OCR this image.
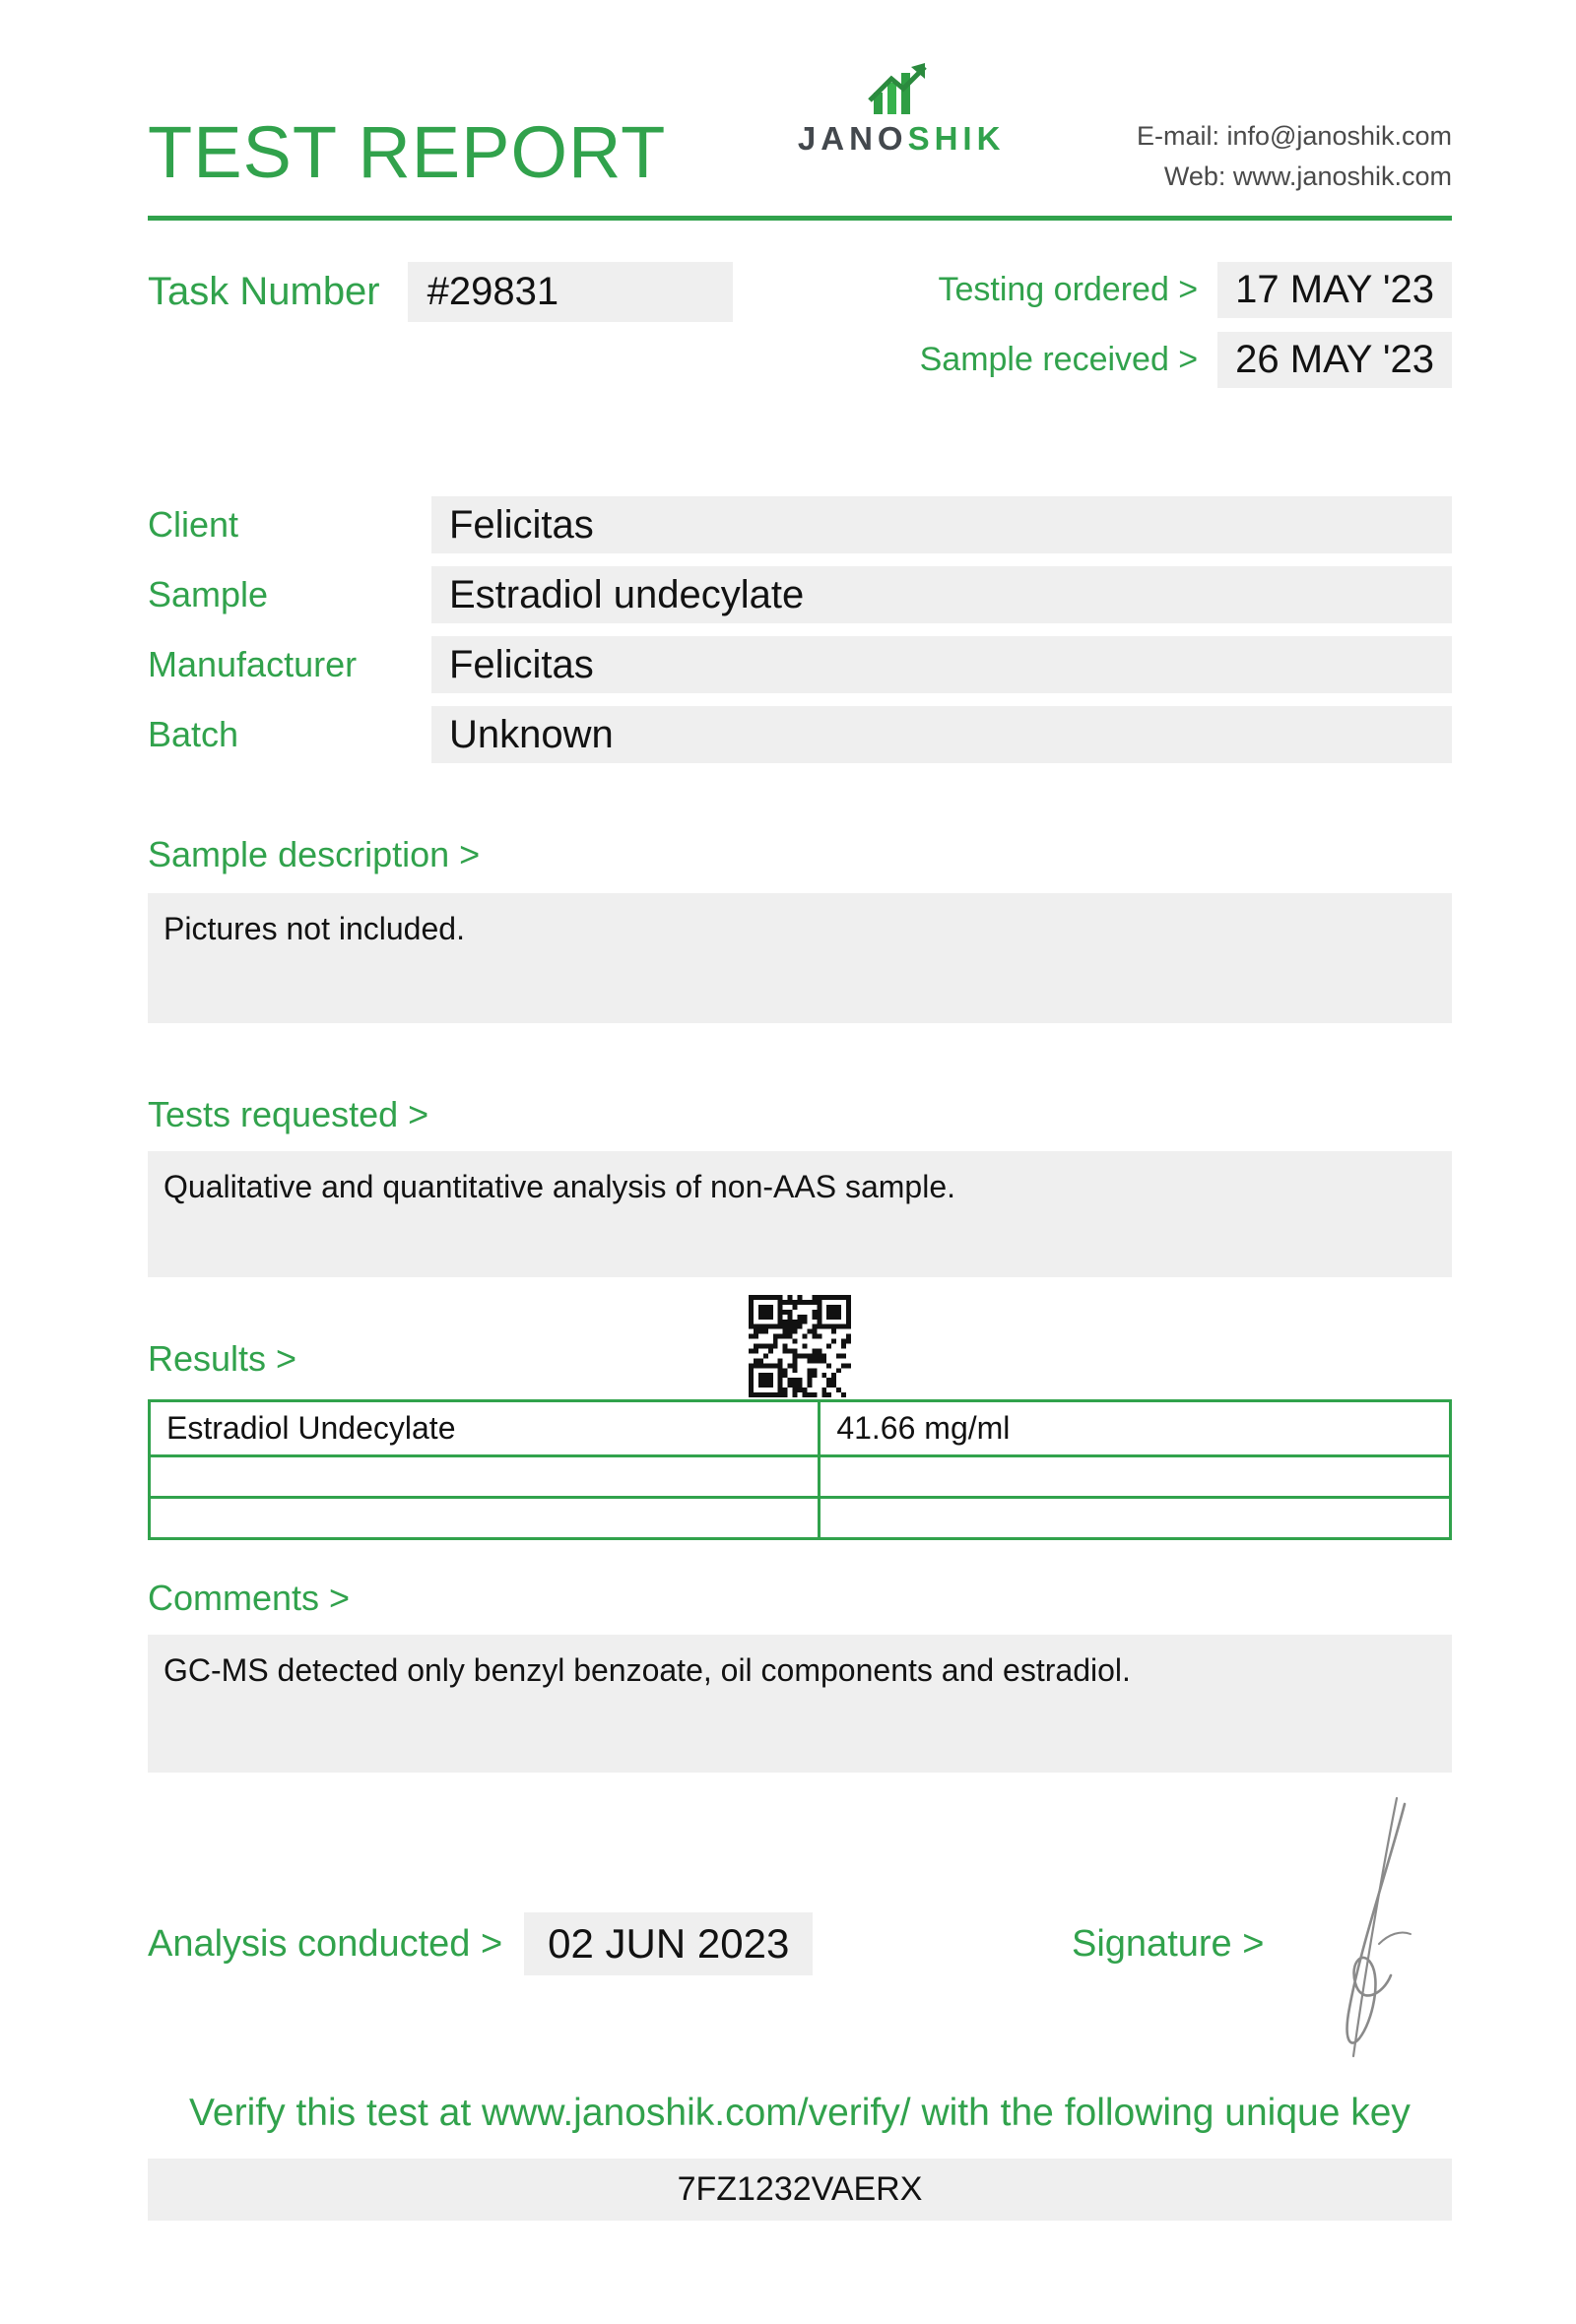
TEST REPORT	JANOSHIK	E-mail: info@janoshik.com
Web: www.janoshik.com
Task Number	#29831	Testing ordered > 17 MAY '23
Sample received > 26 MAY '23
Client	Felicitas
Sample	Estradiol undecylate
Manufacturer	Felicitas
Batch	Unknown
Sample description >
Pictures not included.
Tests requested >
Qualitative and quantitative analysis of non-AAS sample.
Results >
Estradiol Undecylate	41.66 mg/ml

Comments >
GC-MS detected only benzyl benzoate, oil components and estradiol.
Analysis conducted >	02 JUN 2023	Signature >
Verify this test at www.janoshik.com/verify/ with the following unique key
7FZ1232VAERX
